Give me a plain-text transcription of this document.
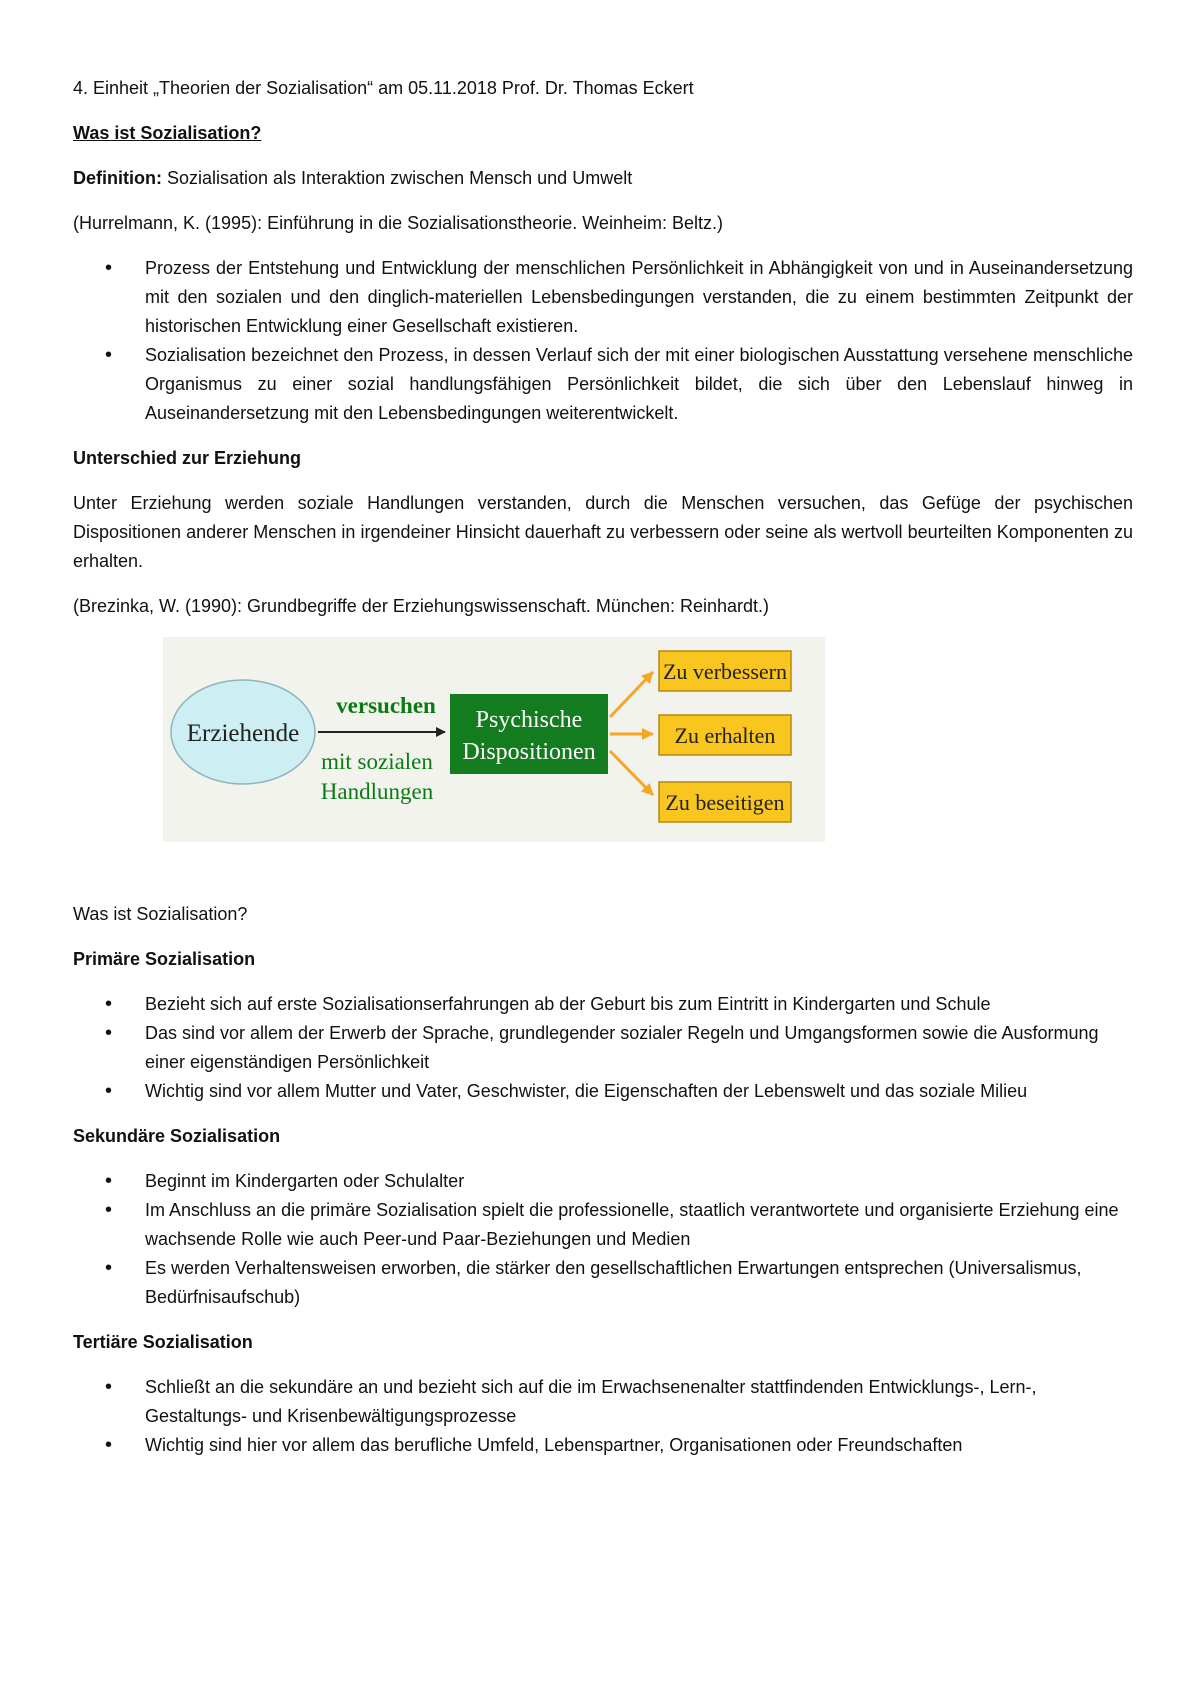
4. Einheit „Theorien der Sozialisation“ am 05.11.2018 Prof. Dr. Thomas Eckert

Was ist Sozialisation?

Definition: Sozialisation als Interaktion zwischen Mensch und Umwelt

(Hurrelmann, K. (1995): Einführung in die Sozialisationstheorie. Weinheim: Beltz.)

• Prozess der Entstehung und Entwicklung der menschlichen Persönlichkeit in Abhängigkeit von und in Auseinandersetzung mit den sozialen und den dinglich-materiellen Lebensbedingungen verstanden, die zu einem bestimmten Zeitpunkt der historischen Entwicklung einer Gesellschaft existieren.
• Sozialisation bezeichnet den Prozess, in dessen Verlauf sich der mit einer biologischen Ausstattung versehene menschliche Organismus zu einer sozial handlungsfähigen Persönlichkeit bildet, die sich über den Lebenslauf hinweg in Auseinandersetzung mit den Lebensbedingungen weiterentwickelt.

Unterschied zur Erziehung

Unter Erziehung werden soziale Handlungen verstanden, durch die Menschen versuchen, das Gefüge der psychischen Dispositionen anderer Menschen in irgendeiner Hinsicht dauerhaft zu verbessern oder seine als wertvoll beurteilten Komponenten zu erhalten.

(Brezinka, W. (1990): Grundbegriffe der Erziehungswissenschaft. München: Reinhardt.)

Erziehende
versuchen
mit sozialen
Handlungen
Psychische
Dispositionen
Zu verbessern
Zu erhalten
Zu beseitigen

Was ist Sozialisation?

Primäre Sozialisation

• Bezieht sich auf erste Sozialisationserfahrungen ab der Geburt bis zum Eintritt in Kindergarten und Schule
• Das sind vor allem der Erwerb der Sprache, grundlegender sozialer Regeln und Umgangsformen sowie die Ausformung einer eigenständigen Persönlichkeit
• Wichtig sind vor allem Mutter und Vater, Geschwister, die Eigenschaften der Lebenswelt und das soziale Milieu

Sekundäre Sozialisation

• Beginnt im Kindergarten oder Schulalter
• Im Anschluss an die primäre Sozialisation spielt die professionelle, staatlich verantwortete und organisierte Erziehung eine wachsende Rolle wie auch Peer-und Paar-Beziehungen und Medien
• Es werden Verhaltensweisen erworben, die stärker den gesellschaftlichen Erwartungen entsprechen (Universalismus, Bedürfnisaufschub)

Tertiäre Sozialisation

• Schließt an die sekundäre an und bezieht sich auf die im Erwachsenenalter stattfindenden Entwicklungs-, Lern-, Gestaltungs- und Krisenbewältigungsprozesse
• Wichtig sind hier vor allem das berufliche Umfeld, Lebenspartner, Organisationen oder Freundschaften
